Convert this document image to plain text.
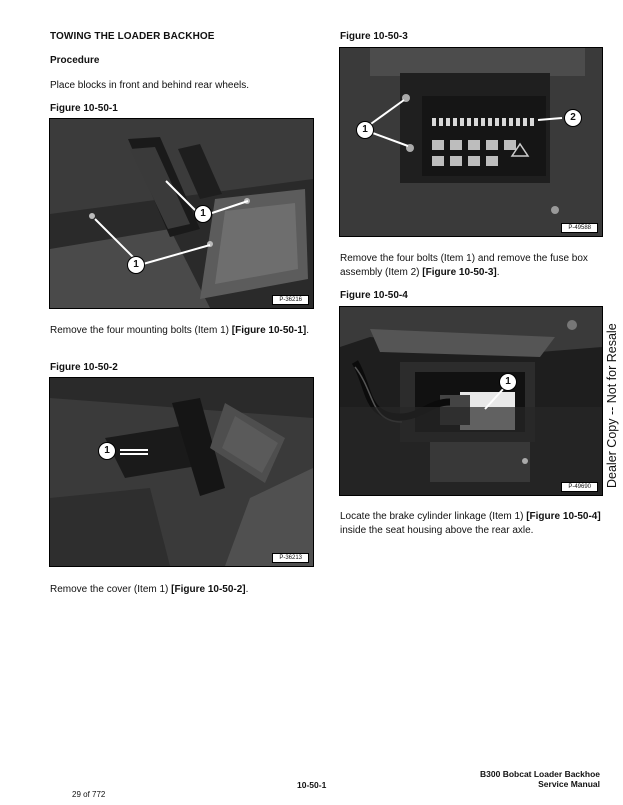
TOWING THE LOADER BACKHOE
Procedure
Place blocks in front and behind rear wheels.
Figure 10-50-1
1
1
P-36216
Remove the four mounting bolts (Item 1) [Figure 10-50-1].
Figure 10-50-2
1
P-36213
Remove the cover (Item 1) [Figure 10-50-2].
Figure 10-50-3
1
2
P-49588
Remove the four bolts (Item 1) and remove the fuse box assembly (Item 2) [Figure 10-50-3].
Figure 10-50-4
1
P-49690
Locate the brake cylinder linkage (Item 1) [Figure 10-50-4] inside the seat housing above the rear axle.
Dealer Copy -- Not for Resale
10-50-1
B300 Bobcat Loader Backhoe
Service Manual
29 of 772
